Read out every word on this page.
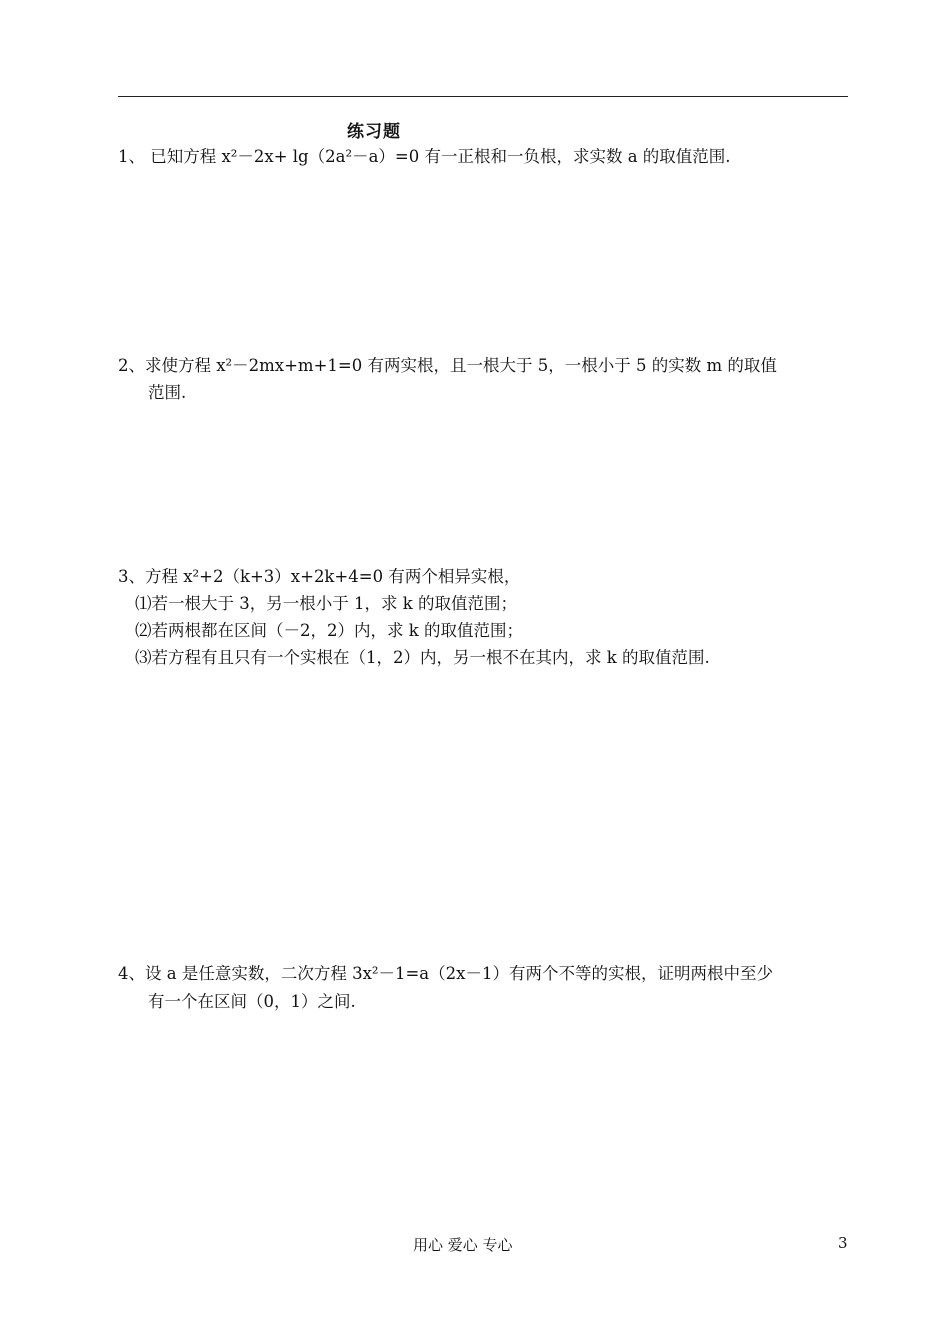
练习题
1、 已知方程 x²－2x+ lg（2a²－a）=0 有一正根和一负根，求实数 a 的取值范围.
2、求使方程 x²－2mx+m+1=0 有两实根，且一根大于 5，一根小于 5 的实数 m 的取值
范围.
3、方程 x²+2（k+3）x+2k+4=0 有两个相异实根，
⑴若一根大于 3，另一根小于 1，求 k 的取值范围；
⑵若两根都在区间（－2，2）内，求 k 的取值范围；
⑶若方程有且只有一个实根在（1，2）内，另一根不在其内，求 k 的取值范围.
4、设 a 是任意实数，二次方程 3x²－1=a（2x－1）有两个不等的实根，证明两根中至少
有一个在区间（0，1）之间.
用心 爱心 专心	3
